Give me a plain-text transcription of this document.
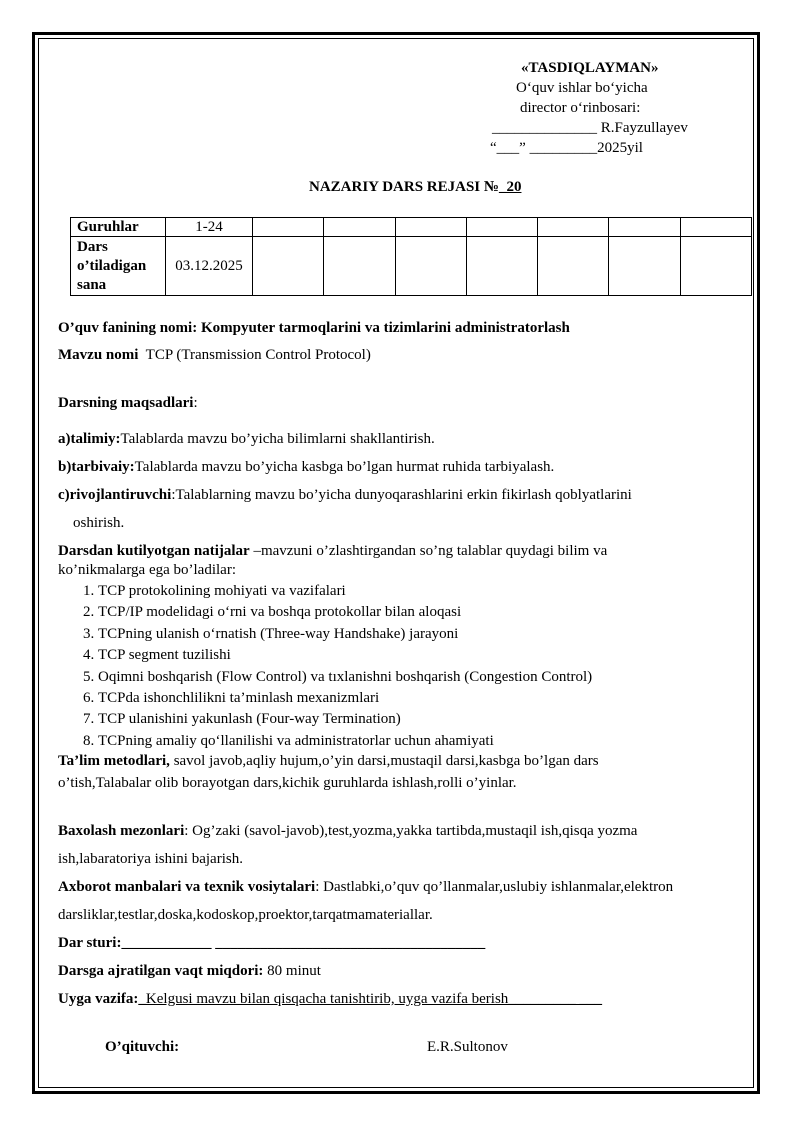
«TASDIQLAYMAN»
O‘quv ishlar bo‘yicha
director o‘rinbosari:
______________ R.Fayzullayev
“___” _________2025yil
NAZARIY DARS REJASI №_20
Guruhlar	1-24							
Dars o’tiladigan sana	03.12.2025							
O’quv fanining nomi: Kompyuter tarmoqlarini va tizimlarini administratorlash
Mavzu nomi TCP (Transmission Control Protocol)
Darsning maqsadlari:
a)talimiy:Talablarda mavzu bo’yicha bilimlarni shakllantirish.
b)tarbivaiy:Talablarda mavzu bo’yicha kasbga bo’lgan hurmat ruhida tarbiyalash.
c)rivojlantiruvchi:Talablarning mavzu bo’yicha dunyoqarashlarini erkin fikirlash qoblyatlarini
oshirish.
Darsdan kutilyotgan natijalar –mavzuni o’zlashtirgandan so’ng talablar quydagi bilim va
ko’nikmalarga ega bo’ladilar:
1. TCP protokolining mohiyati va vazifalari
2. TCP/IP modelidagi o‘rni va boshqa protokollar bilan aloqasi
3. TCPning ulanish o‘rnatish (Three-way Handshake) jarayoni
4. TCP segment tuzilishi
5. Oqimni boshqarish (Flow Control) va tıxlanishni boshqarish (Congestion Control)
6. TCPda ishonchlilikni ta’minlash mexanizmlari
7. TCP ulanishini yakunlash (Four-way Termination)
8. TCPning amaliy qo‘llanilishi va administratorlar uchun ahamiyati
Ta’lim metodlari, savol javob,aqliy hujum,o’yin darsi,mustaqil darsi,kasbga bo’lgan dars
o’tish,Talabalar olib borayotgan dars,kichik guruhlarda ishlash,rolli o’yinlar.
Baxolash mezonlari: Og’zaki (savol-javob),test,yozma,yakka tartibda,mustaqil ish,qisqa yozma
ish,labaratoriya ishini bajarish.
Axborot manbalari va texnik vosiytalari: Dastlabki,o’quv qo’llanmalar,uslubiy ishlanmalar,elektron
darsliklar,testlar,doska,kodoskop,proektor,tarqatmamateriallar.
Dar sturi:____________ ____________________________________
Darsga ajratilgan vaqt miqdori: 80 minut
Uyga vazifa:_Kelgusi mavzu bilan qisqacha tanishtirib, uyga vazifa berish_________ ___
O’qituvchi:	E.R.Sultonov
